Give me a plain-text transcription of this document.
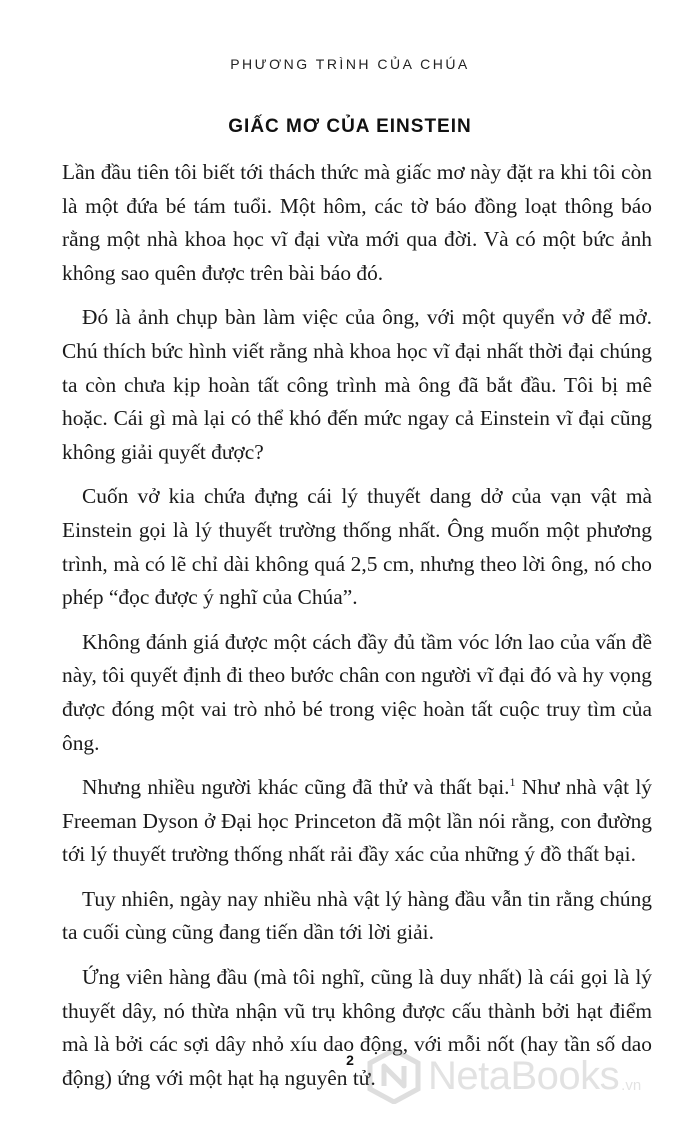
PHƯƠNG TRÌNH CỦA CHÚA
GIẤC MƠ CỦA EINSTEIN

Lần đầu tiên tôi biết tới thách thức mà giấc mơ này đặt ra khi tôi còn là một đứa bé tám tuổi. Một hôm, các tờ báo đồng loạt thông báo rằng một nhà khoa học vĩ đại vừa mới qua đời. Và có một bức ảnh không sao quên được trên bài báo đó.

Đó là ảnh chụp bàn làm việc của ông, với một quyển vở để mở. Chú thích bức hình viết rằng nhà khoa học vĩ đại nhất thời đại chúng ta còn chưa kịp hoàn tất công trình mà ông đã bắt đầu. Tôi bị mê hoặc. Cái gì mà lại có thể khó đến mức ngay cả Einstein vĩ đại cũng không giải quyết được?

Cuốn vở kia chứa đựng cái lý thuyết dang dở của vạn vật mà Einstein gọi là lý thuyết trường thống nhất. Ông muốn một phương trình, mà có lẽ chỉ dài không quá 2,5 cm, nhưng theo lời ông, nó cho phép “đọc được ý nghĩ của Chúa”.

Không đánh giá được một cách đầy đủ tầm vóc lớn lao của vấn đề này, tôi quyết định đi theo bước chân con người vĩ đại đó và hy vọng được đóng một vai trò nhỏ bé trong việc hoàn tất cuộc truy tìm của ông.

Nhưng nhiều người khác cũng đã thử và thất bại.$^1$ Như nhà vật lý Freeman Dyson ở Đại học Princeton đã một lần nói rằng, con đường tới lý thuyết trường thống nhất rải đầy xác của những ý đồ thất bại.

Tuy nhiên, ngày nay nhiều nhà vật lý hàng đầu vẫn tin rằng chúng ta cuối cùng cũng đang tiến dần tới lời giải.

Ứng viên hàng đầu (mà tôi nghĩ, cũng là duy nhất) là cái gọi là lý thuyết dây, nó thừa nhận vũ trụ không được cấu thành bởi hạt điểm mà là bởi các sợi dây nhỏ xíu dao động, với mỗi nốt (hay tần số dao động) ứng với một hạt hạ nguyên tử.

2	NetaBooks .vn
